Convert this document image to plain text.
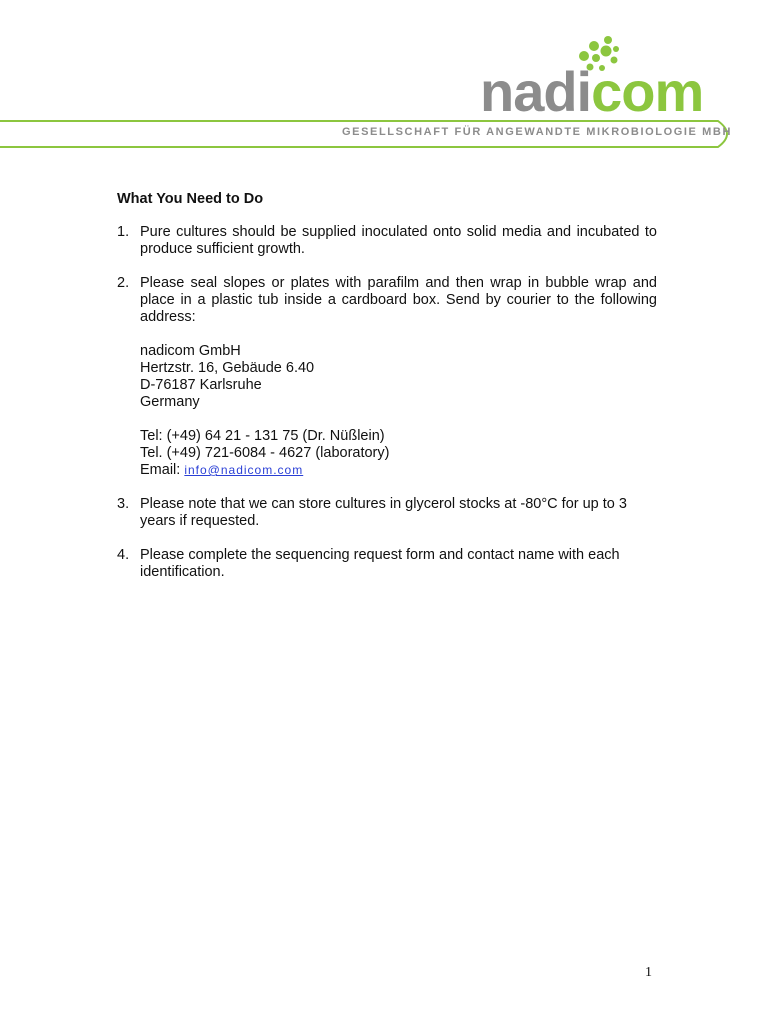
nadicom
GESELLSCHAFT FÜR ANGEWANDTE MIKROBIOLOGIE MBH
What You Need to Do
1. Pure cultures should be supplied inoculated onto solid media and incubated to produce sufficient growth.
2. Please seal slopes or plates with parafilm and then wrap in bubble wrap and place in a plastic tub inside a cardboard box. Send by courier to the following address:
nadicom GmbH
Hertzstr. 16, Gebäude 6.40
D-76187 Karlsruhe
Germany
Tel: (+49) 64 21 - 131 75 (Dr. Nüßlein)
Tel. (+49) 721-6084 - 4627 (laboratory)
Email: info@nadicom.com
3. Please note that we can store cultures in glycerol stocks at -80°C for up to 3 years if requested.
4. Please complete the sequencing request form and contact name with each identification.
1
